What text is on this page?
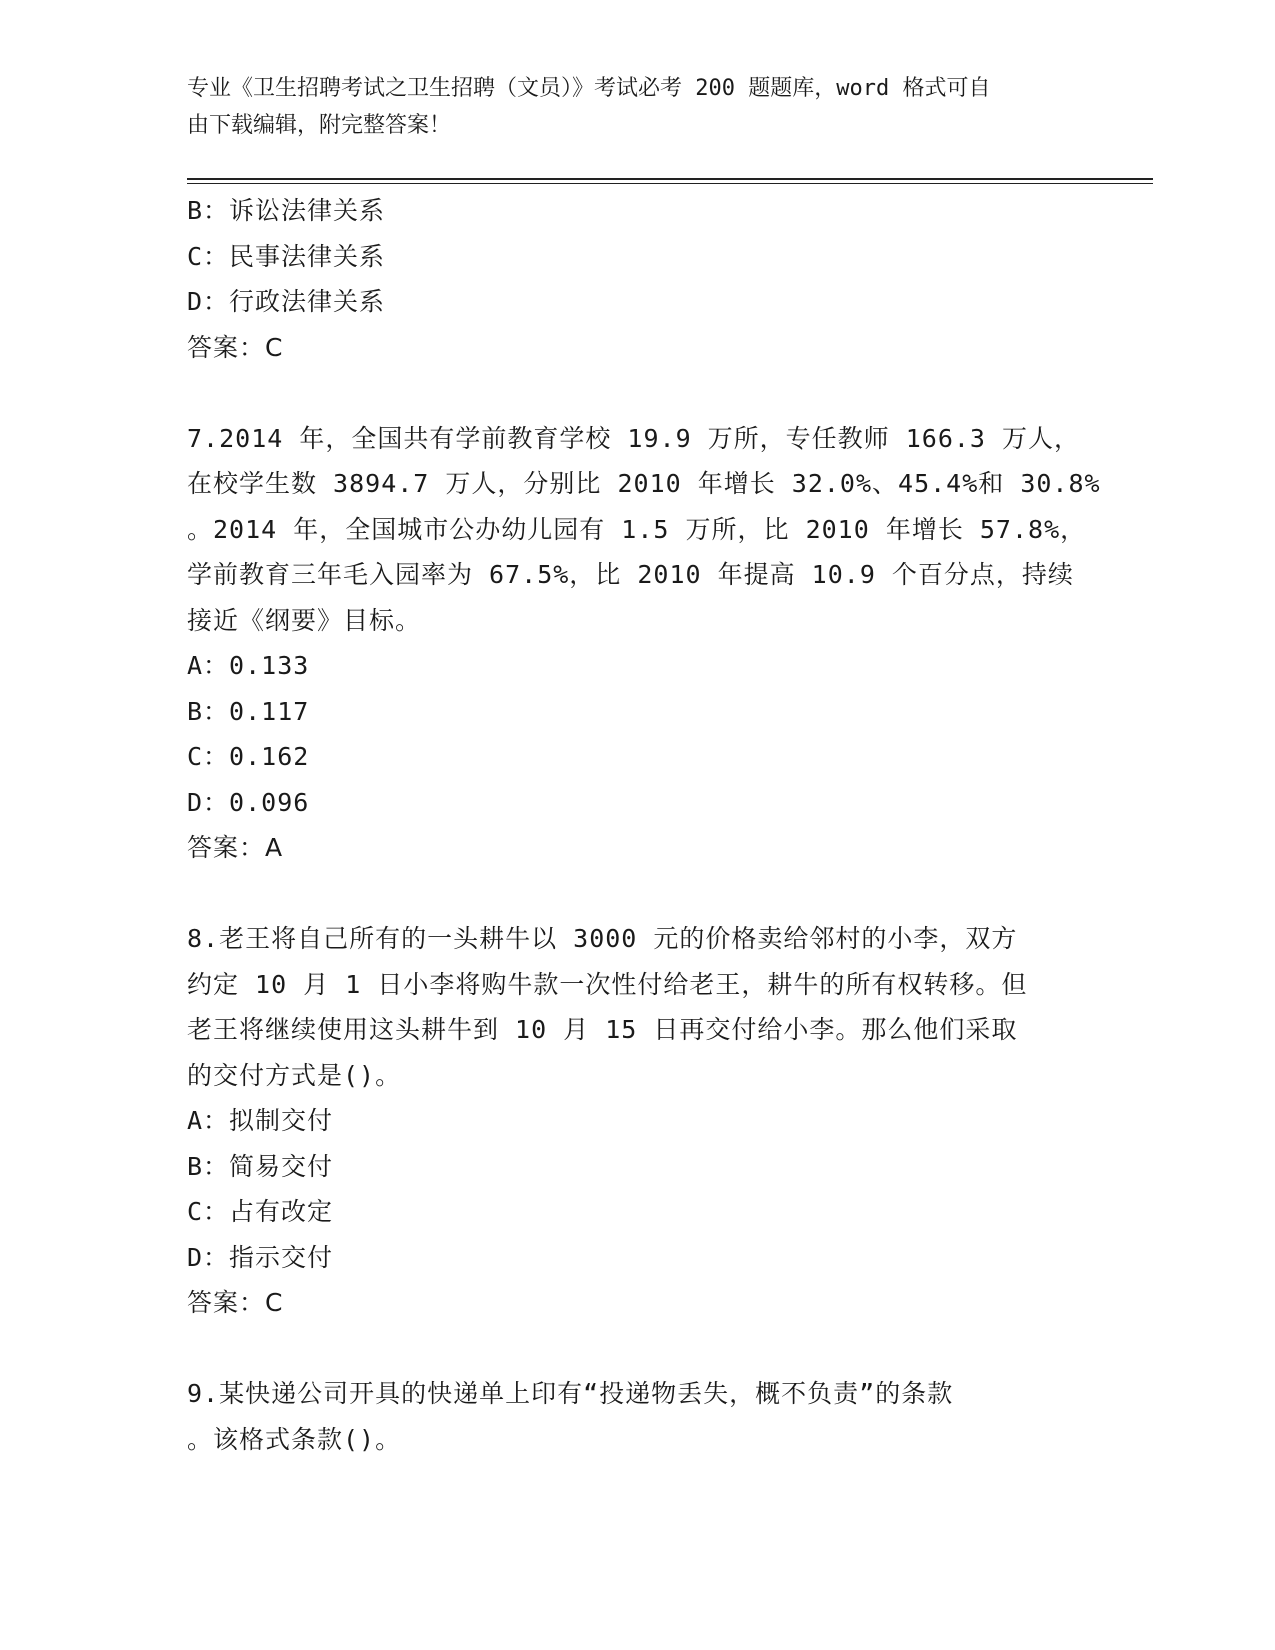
专业《卫生招聘考试之卫生招聘（文员）》考试必考 200 题题库，word 格式可自
由下载编辑，附完整答案！
B：诉讼法律关系
C：民事法律关系
D：行政法律关系
答案：C
7.2014 年，全国共有学前教育学校 19.9 万所，专任教师 166.3 万人，
在校学生数 3894.7 万人，分别比 2010 年增长 32.0%、45.4%和 30.8%
。2014 年，全国城市公办幼儿园有 1.5 万所，比 2010 年增长 57.8%，
学前教育三年毛入园率为 67.5%，比 2010 年提高 10.9 个百分点，持续
接近《纲要》目标。
A：0.133
B：0.117
C：0.162
D：0.096
答案：A
8.老王将自己所有的一头耕牛以 3000 元的价格卖给邻村的小李，双方
约定 10 月 1 日小李将购牛款一次性付给老王，耕牛的所有权转移。但
老王将继续使用这头耕牛到 10 月 15 日再交付给小李。那么他们采取
的交付方式是()。
A：拟制交付
B：简易交付
C：占有改定
D：指示交付
答案：C
9.某快递公司开具的快递单上印有“投递物丢失，概不负责”的条款
。该格式条款()。
